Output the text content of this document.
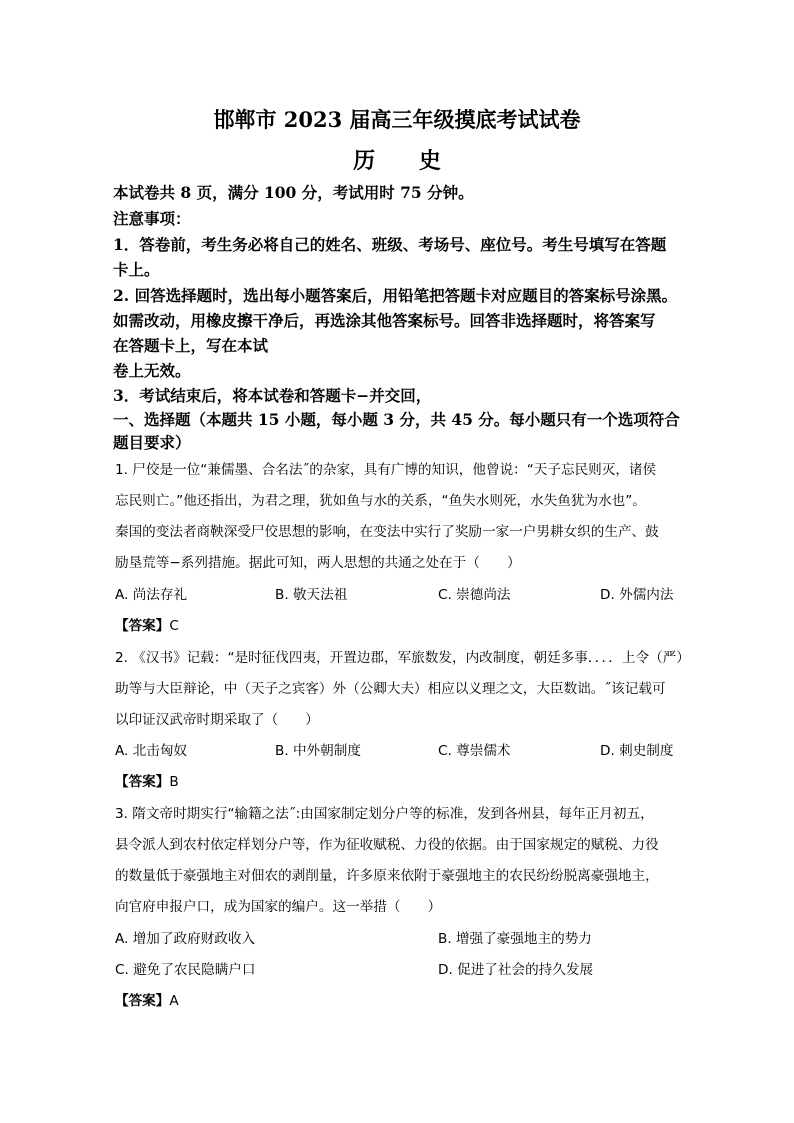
邯郸市 2023 届高三年级摸底考试试卷
历 史
本试卷共 8 页，满分 100 分，考试用时 75 分钟。
注意事项：
1．答卷前，考生务必将自己的姓名、班级、考场号、座位号。考生号填写在答题
卡上。
2. 回答选择题时，选出每小题答案后，用铅笔把答题卡对应题目的答案标号涂黑。
如需改动，用橡皮擦干净后，再选涂其他答案标号。回答非选择题时，将答案写
在答题卡上，写在本试
卷上无效。
3．考试结束后，将本试卷和答题卡−并交回，
一、选择题（本题共 15 小题，每小题 3 分，共 45 分。每小题只有一个选项符合
题目要求）
1. 尸佼是一位“兼儒墨、合名法˝的杂家，具有广博的知识，他曾说：“天子忘民则灭，诸侯
忘民则亡。”他还指出，为君之理，犹如鱼与水的关系，“鱼失水则死，水失鱼犹为水也”。
秦国的变法者商鞅深受尸佼思想的影响，在变法中实行了奖励一家一户男耕女织的生产、鼓
励垦荒等−系列措施。据此可知，两人思想的共通之处在于（　　）
A. 尚法存礼	B. 敬天法祖	C. 崇德尚法	D. 外儒内法
【答案】C
2. 《汉书》记载：“是时征伐四夷，开置边郡，军旅数发，内改制度，朝廷多事．．．．上令（严）
助等与大臣辩论，中（天子之宾客）外（公卿大夫）相应以义理之文，大臣数诎。˝该记载可
以印证汉武帝时期采取了（　　）
A. 北击匈奴	B. 中外朝制度	C. 尊崇儒术	D. 刺史制度
【答案】B
3. 隋文帝时期实行“输籍之法˝:由国家制定划分户等的标准，发到各州县，每年正月初五，
县令派人到农村依定样划分户等，作为征收赋税、力役的依据。由于国家规定的赋税、力役
的数量低于豪强地主对佃农的剥削量，许多原来依附于豪强地主的农民纷纷脱离豪强地主，
向官府申报户口，成为国家的编户。这一举措（　　）
A. 增加了政府财政收入	B. 增强了豪强地主的势力
C. 避免了农民隐瞒户口	D. 促进了社会的持久发展
【答案】A
